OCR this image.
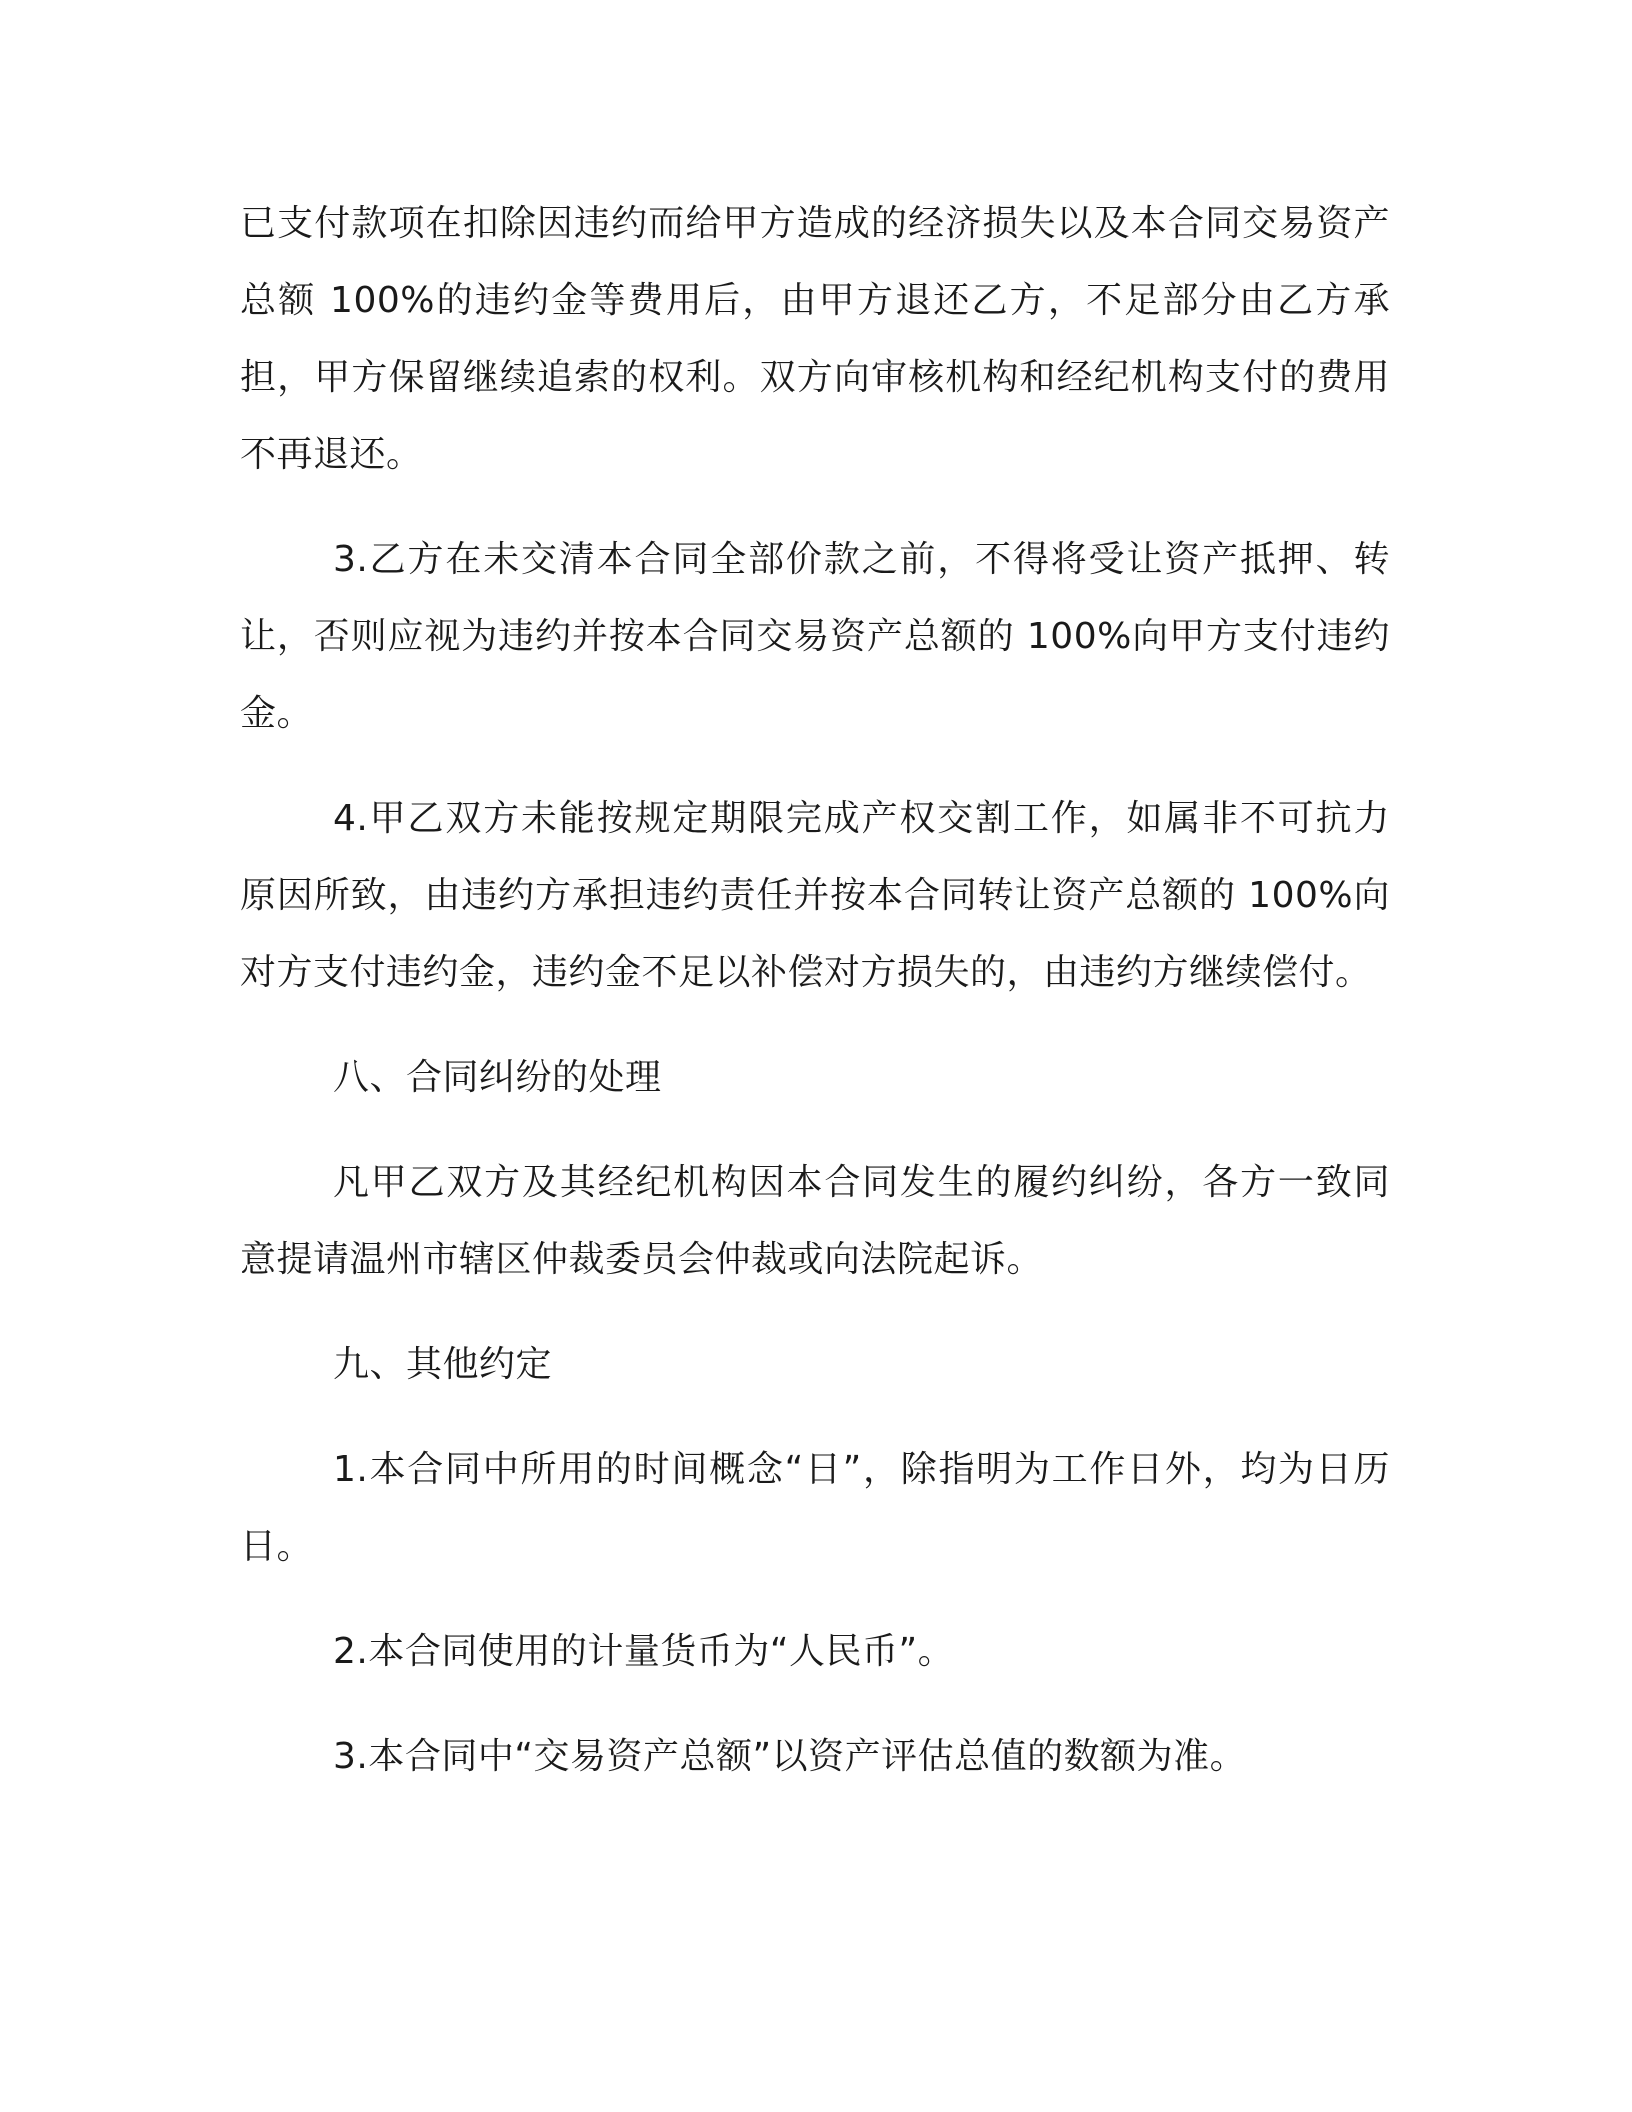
已支付款项在扣除因违约而给甲方造成的经济损失以及本合同交易资产总额 100%的违约金等费用后，由甲方退还乙方，不足部分由乙方承担，甲方保留继续追索的权利。双方向审核机构和经纪机构支付的费用不再退还。

3.乙方在未交清本合同全部价款之前，不得将受让资产抵押、转让，否则应视为违约并按本合同交易资产总额的 100%向甲方支付违约金。

4.甲乙双方未能按规定期限完成产权交割工作，如属非不可抗力原因所致，由违约方承担违约责任并按本合同转让资产总额的 100%向对方支付违约金，违约金不足以补偿对方损失的，由违约方继续偿付。

八、合同纠纷的处理

凡甲乙双方及其经纪机构因本合同发生的履约纠纷，各方一致同意提请温州市辖区仲裁委员会仲裁或向法院起诉。

九、其他约定

1.本合同中所用的时间概念“日”，除指明为工作日外，均为日历日。

2.本合同使用的计量货币为“人民币”。

3.本合同中“交易资产总额”以资产评估总值的数额为准。
